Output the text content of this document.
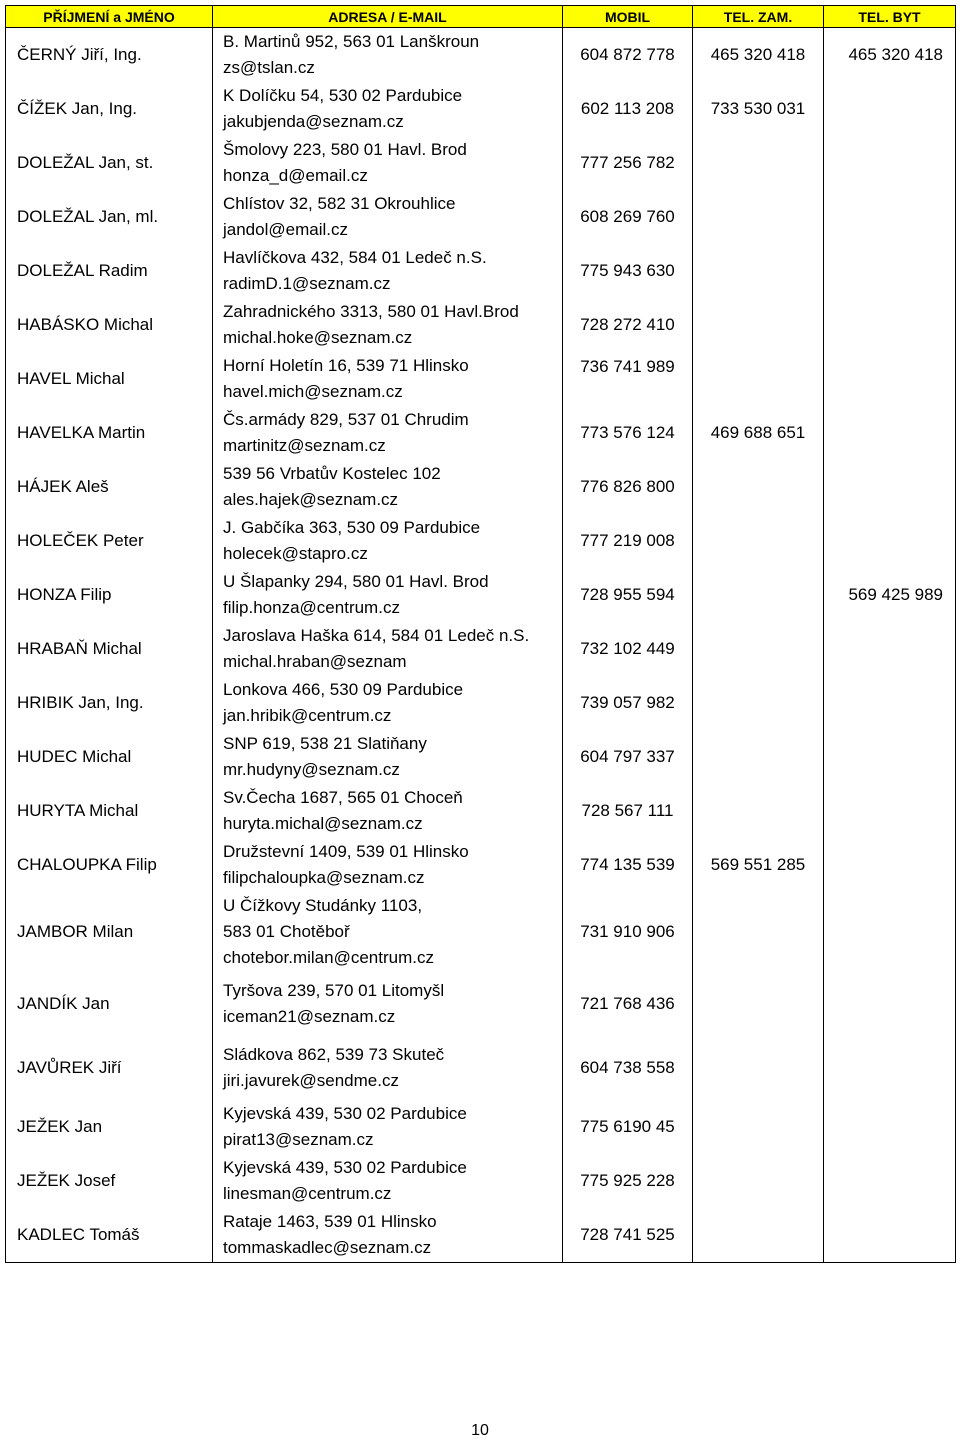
PŘÍJMENÍ a JMÉNO	ADRESA / E-MAIL	MOBIL	TEL. ZAM.	TEL. BYT
ČERNÝ Jiří, Ing.	B. Martinů 952, 563 01 Lanškroun
zs@tslan.cz	604 872 778	465 320 418	465 320 418
ČÍŽEK Jan, Ing.	K Dolíčku 54, 530 02 Pardubice
jakubjenda@seznam.cz	602 113 208	733 530 031	
DOLEŽAL Jan, st.	Šmolovy 223, 580 01 Havl. Brod
honza_d@email.cz	777 256 782		
DOLEŽAL Jan, ml.	Chlístov 32, 582 31 Okrouhlice
jandol@email.cz	608 269 760		
DOLEŽAL Radim	Havlíčkova 432, 584 01 Ledeč n.S.
radimD.1@seznam.cz	775 943 630		
HABÁSKO Michal	Zahradnického 3313, 580 01 Havl.Brod
michal.hoke@seznam.cz	728 272 410		
HAVEL Michal	Horní Holetín 16, 539 71 Hlinsko
havel.mich@seznam.cz	736 741 989		

HAVELKA Martin	Čs.armády 829, 537 01 Chrudim
martinitz@seznam.cz	773 576 124	469 688 651	
HÁJEK Aleš	539 56 Vrbatův Kostelec 102
ales.hajek@seznam.cz	776 826 800		
HOLEČEK Peter	J. Gabčíka 363, 530 09 Pardubice
holecek@stapro.cz	777 219 008		
HONZA Filip	U Šlapanky 294, 580 01 Havl. Brod
filip.honza@centrum.cz	728 955 594		569 425 989
HRABAŇ Michal	Jaroslava Haška 614, 584 01 Ledeč n.S.
michal.hraban@seznam	732 102 449		
HRIBIK Jan, Ing.	Lonkova 466, 530 09 Pardubice
jan.hribik@centrum.cz	739 057 982		
HUDEC Michal	SNP 619, 538 21 Slatiňany
mr.hudyny@seznam.cz	604 797 337		
HURYTA Michal	Sv.Čecha 1687, 565 01 Choceň
huryta.michal@seznam.cz	728 567 111		
CHALOUPKA Filip	Družstevní 1409, 539 01 Hlinsko
filipchaloupka@seznam.cz	774 135 539	569 551 285	
JAMBOR Milan	U Čížkovy Studánky 1103,
583 01 Chotěboř
chotebor.milan@centrum.cz	731 910 906		
JANDÍK Jan	Tyršova 239, 570 01 Litomyšl
iceman21@seznam.cz	721 768 436		
JAVŮREK Jiří	Sládkova 862, 539 73 Skuteč
jiri.javurek@sendme.cz	604 738 558		
JEŽEK Jan	Kyjevská 439, 530 02 Pardubice
pirat13@seznam.cz	775 6190 45		
JEŽEK Josef	Kyjevská 439, 530 02 Pardubice
linesman@centrum.cz	775 925 228		
KADLEC Tomáš	Rataje 1463, 539 01 Hlinsko
tommaskadlec@seznam.cz	728 741 525		
10
